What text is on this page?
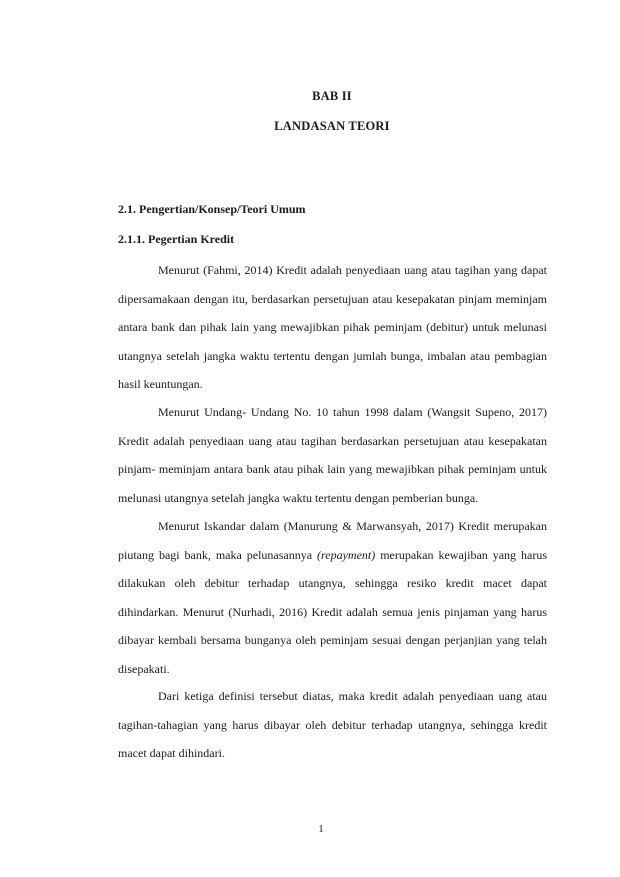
BAB II
LANDASAN TEORI
2.1. Pengertian/Konsep/Teori Umum
2.1.1. Pegertian Kredit

Menurut (Fahmi, 2014) Kredit adalah penyediaan uang atau tagihan yang dapat dipersamakaan dengan itu, berdasarkan persetujuan atau kesepakatan pinjam meminjam antara bank dan pihak lain yang mewajibkan pihak peminjam (debitur) untuk melunasi utangnya setelah jangka waktu tertentu dengan jumlah bunga, imbalan atau pembagian hasil keuntungan.

Menurut Undang- Undang No. 10 tahun 1998 dalam (Wangsit Supeno, 2017) Kredit adalah penyediaan uang atau tagihan berdasarkan persetujuan atau kesepakatan pinjam- meminjam antara bank atau pihak lain yang mewajibkan pihak peminjam untuk melunasi utangnya setelah jangka waktu tertentu dengan pemberian bunga.

Menurut Iskandar dalam (Manurung & Marwansyah, 2017) Kredit merupakan piutang bagi bank, maka pelunasannya (repayment) merupakan kewajiban yang harus dilakukan oleh debitur terhadap utangnya, sehingga resiko kredit macet dapat dihindarkan. Menurut (Nurhadi, 2016) Kredit adalah semua jenis pinjaman yang harus dibayar kembali bersama bunganya oleh peminjam sesuai dengan perjanjian yang telah disepakati.

Dari ketiga definisi tersebut diatas, maka kredit adalah penyediaan uang atau tagihan-tahagian yang harus dibayar oleh debitur terhadap utangnya, sehingga kredit macet dapat dihindari.

1
